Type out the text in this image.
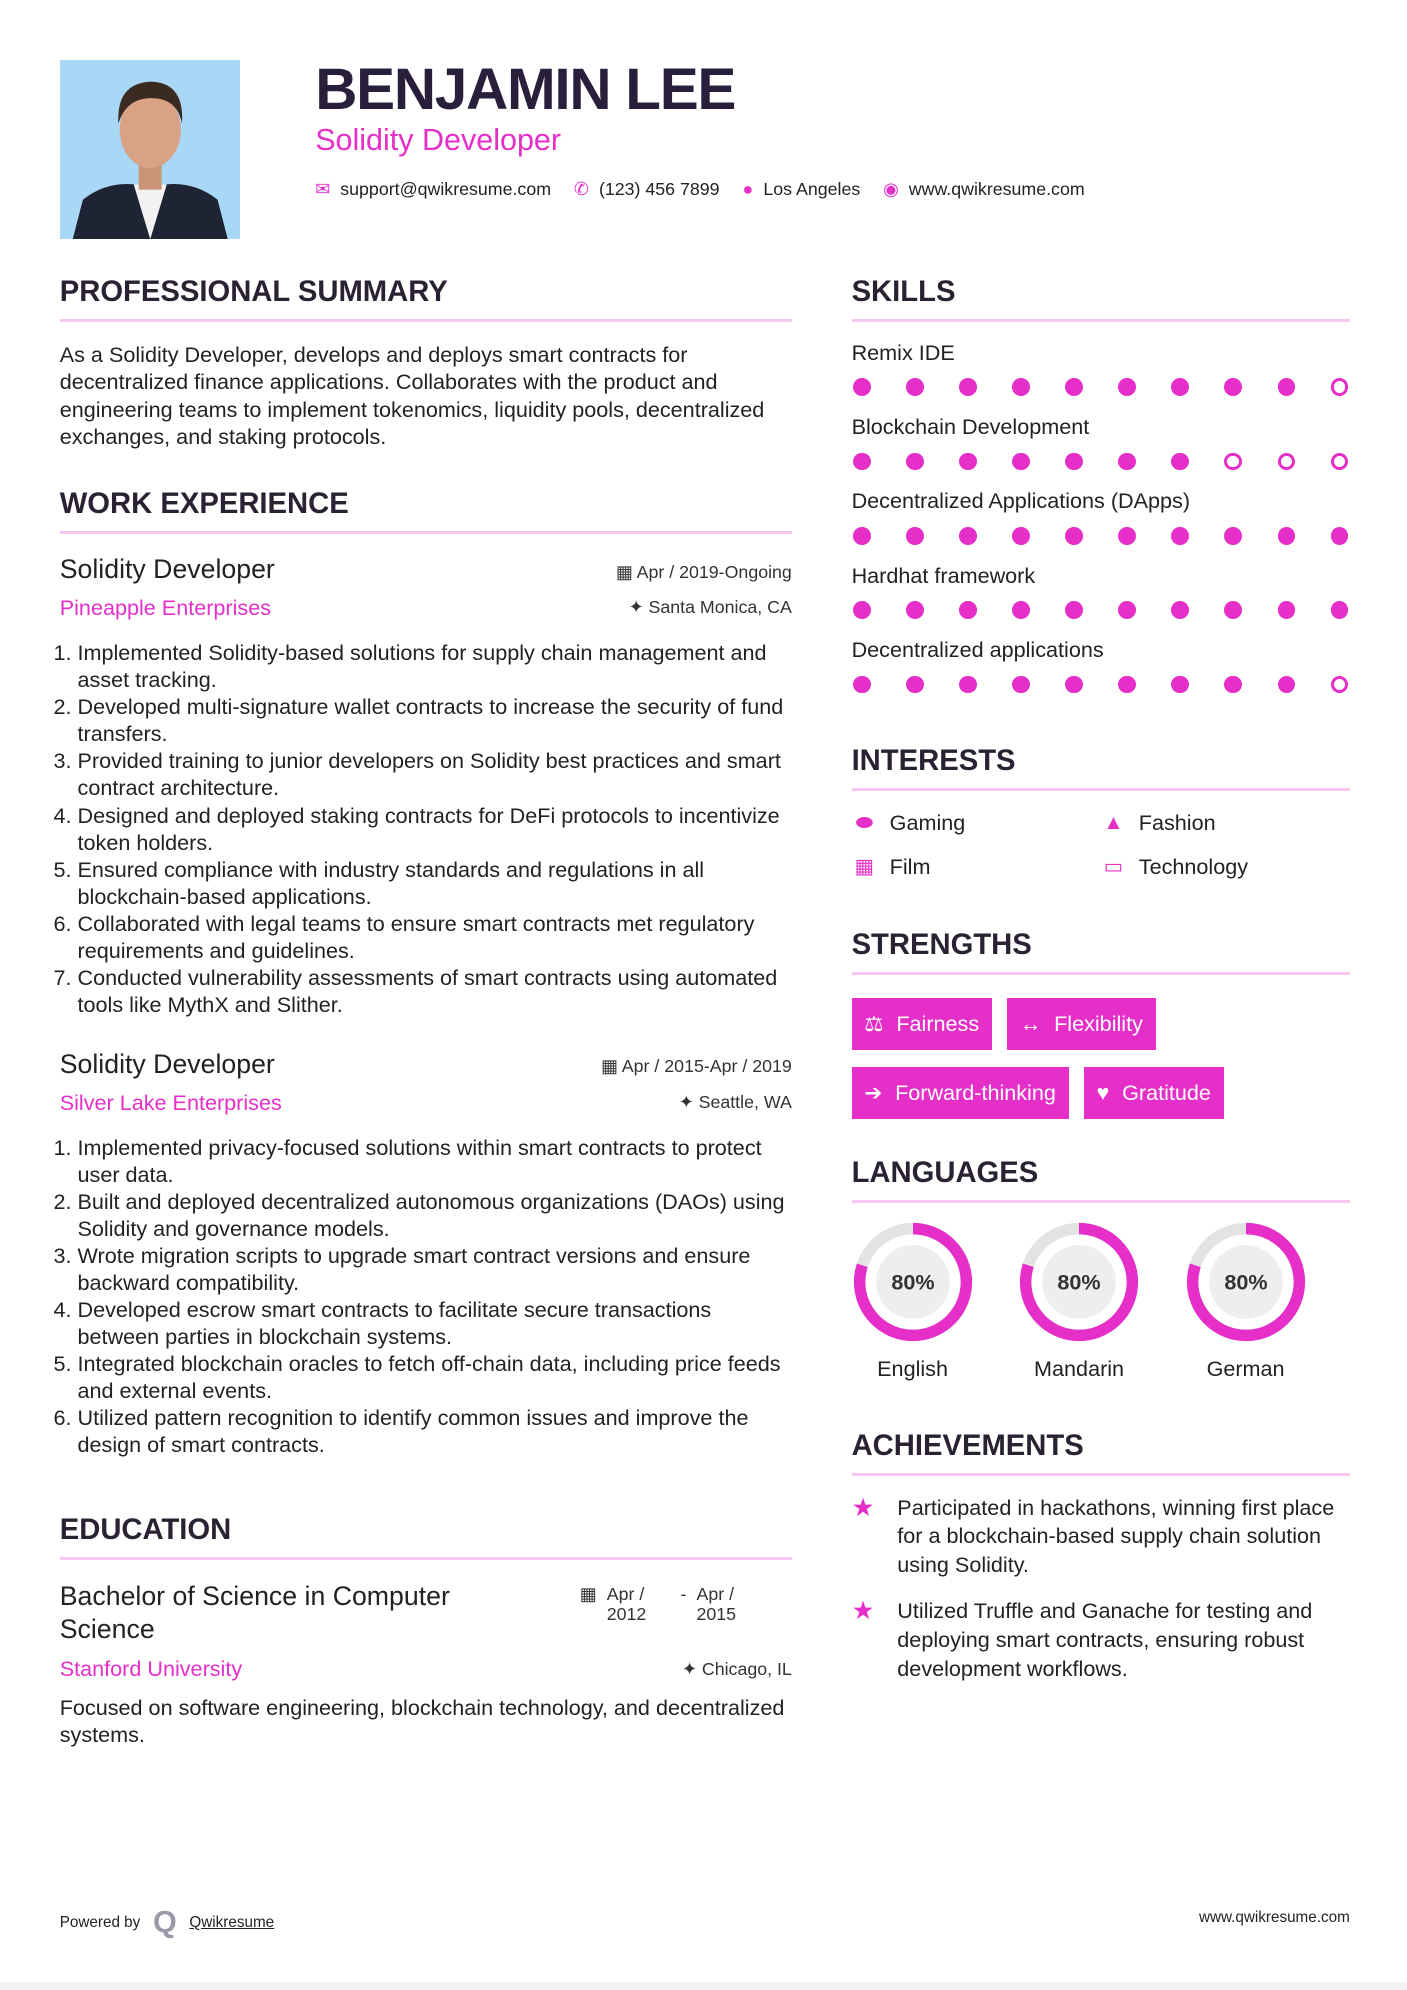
BENJAMIN LEE
Solidity Developer
✉ support@qwikresume.com ✆ (123) 456 7899 ● Los Angeles ◉ www.qwikresume.com
PROFESSIONAL SUMMARY
As a Solidity Developer, develops and deploys smart contracts for decentralized finance applications. Collaborates with the product and engineering teams to implement tokenomics, liquidity pools, decentralized exchanges, and staking protocols.
WORK EXPERIENCE
Solidity Developer	▦ Apr / 2019-Ongoing
Pineapple Enterprises	✦ Santa Monica, CA
1. Implemented Solidity-based solutions for supply chain management and asset tracking.
2. Developed multi-signature wallet contracts to increase the security of fund transfers.
3. Provided training to junior developers on Solidity best practices and smart contract architecture.
4. Designed and deployed staking contracts for DeFi protocols to incentivize token holders.
5. Ensured compliance with industry standards and regulations in all blockchain-based applications.
6. Collaborated with legal teams to ensure smart contracts met regulatory requirements and guidelines.
7. Conducted vulnerability assessments of smart contracts using automated tools like MythX and Slither.
Solidity Developer	▦ Apr / 2015-Apr / 2019
Silver Lake Enterprises	✦ Seattle, WA
1. Implemented privacy-focused solutions within smart contracts to protect user data.
2. Built and deployed decentralized autonomous organizations (DAOs) using Solidity and governance models.
3. Wrote migration scripts to upgrade smart contract versions and ensure backward compatibility.
4. Developed escrow smart contracts to facilitate secure transactions between parties in blockchain systems.
5. Integrated blockchain oracles to fetch off-chain data, including price feeds and external events.
6. Utilized pattern recognition to identify common issues and improve the design of smart contracts.
EDUCATION
Bachelor of Science in Computer Science
▦ Apr / 2012
- Apr / 2015
Stanford University	✦ Chicago, IL
Focused on software engineering, blockchain technology, and decentralized systems.
SKILLS
Remix IDE
Blockchain Development
Decentralized Applications (DApps)
Hardhat framework
Decentralized applications
INTERESTS
⬬ Gaming	▲ Fashion
▦ Film	▭ Technology
STRENGTHS
⚖ Fairness ↔ Flexibility
➔ Forward-thinking ♥ Gratitude
LANGUAGES
80%
English
80%
Mandarin
80%
German
ACHIEVEMENTS
★	Participated in hackathons, winning first place for a blockchain-based supply chain solution using Solidity.
★	Utilized Truffle and Ganache for testing and deploying smart contracts, ensuring robust development workflows.
Powered by Q Qwikresume	www.qwikresume.com
